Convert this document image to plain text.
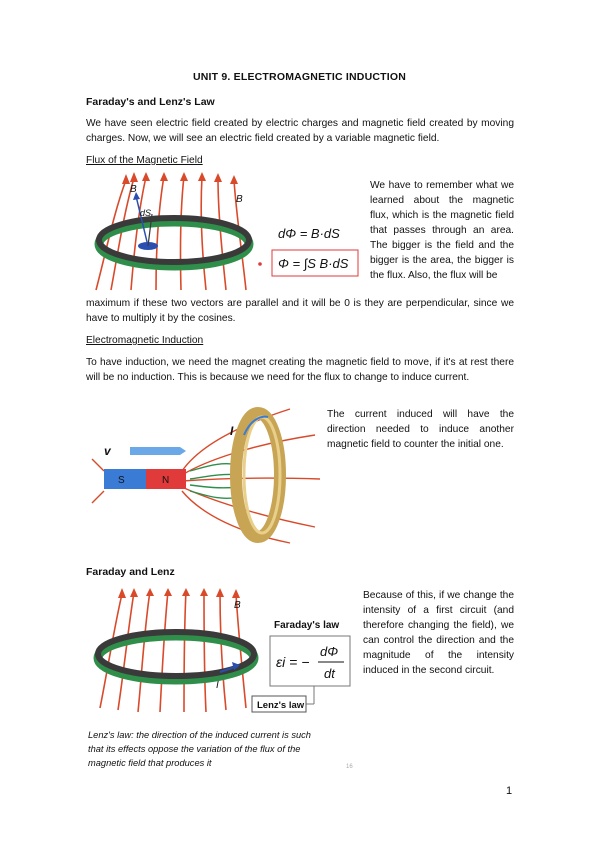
UNIT 9. ELECTROMAGNETIC INDUCTION
Faraday's and Lenz's Law
We have seen electric field created by electric charges and magnetic field created by moving charges. Now, we will see an electric field created by a variable magnetic field.
Flux of the Magnetic Field
B
dS
B
dΦ = B·dS
Φ = ∫S B·dS
We have to remember what we learned about the magnetic flux, which is the magnetic field that passes through an area. The bigger is the field and the bigger is the area, the bigger is the flux. Also, the flux will be
maximum if these two vectors are parallel and it will be 0 is they are perpendicular, since we have to multiply it by the cosines.
Electromagnetic Induction
To have induction, we need the magnet creating the magnetic field to move, if it's at rest there will be no induction. This is because we need for the flux to change to induce current.
S	N
v
I
The current induced will have the direction needed to induce another magnetic field to counter the initial one.
Faraday and Lenz
I
B
Faraday's law
εi = −
dΦ
dt
Lenz's law
Lenz's law: the direction of the induced current is such
that its effects oppose the variation of the flux of the
magnetic field that produces it	16
Because of this, if we change the intensity of a first circuit (and therefore changing the field), we can control the direction and the magnitude of the intensity induced in the second circuit.
1
